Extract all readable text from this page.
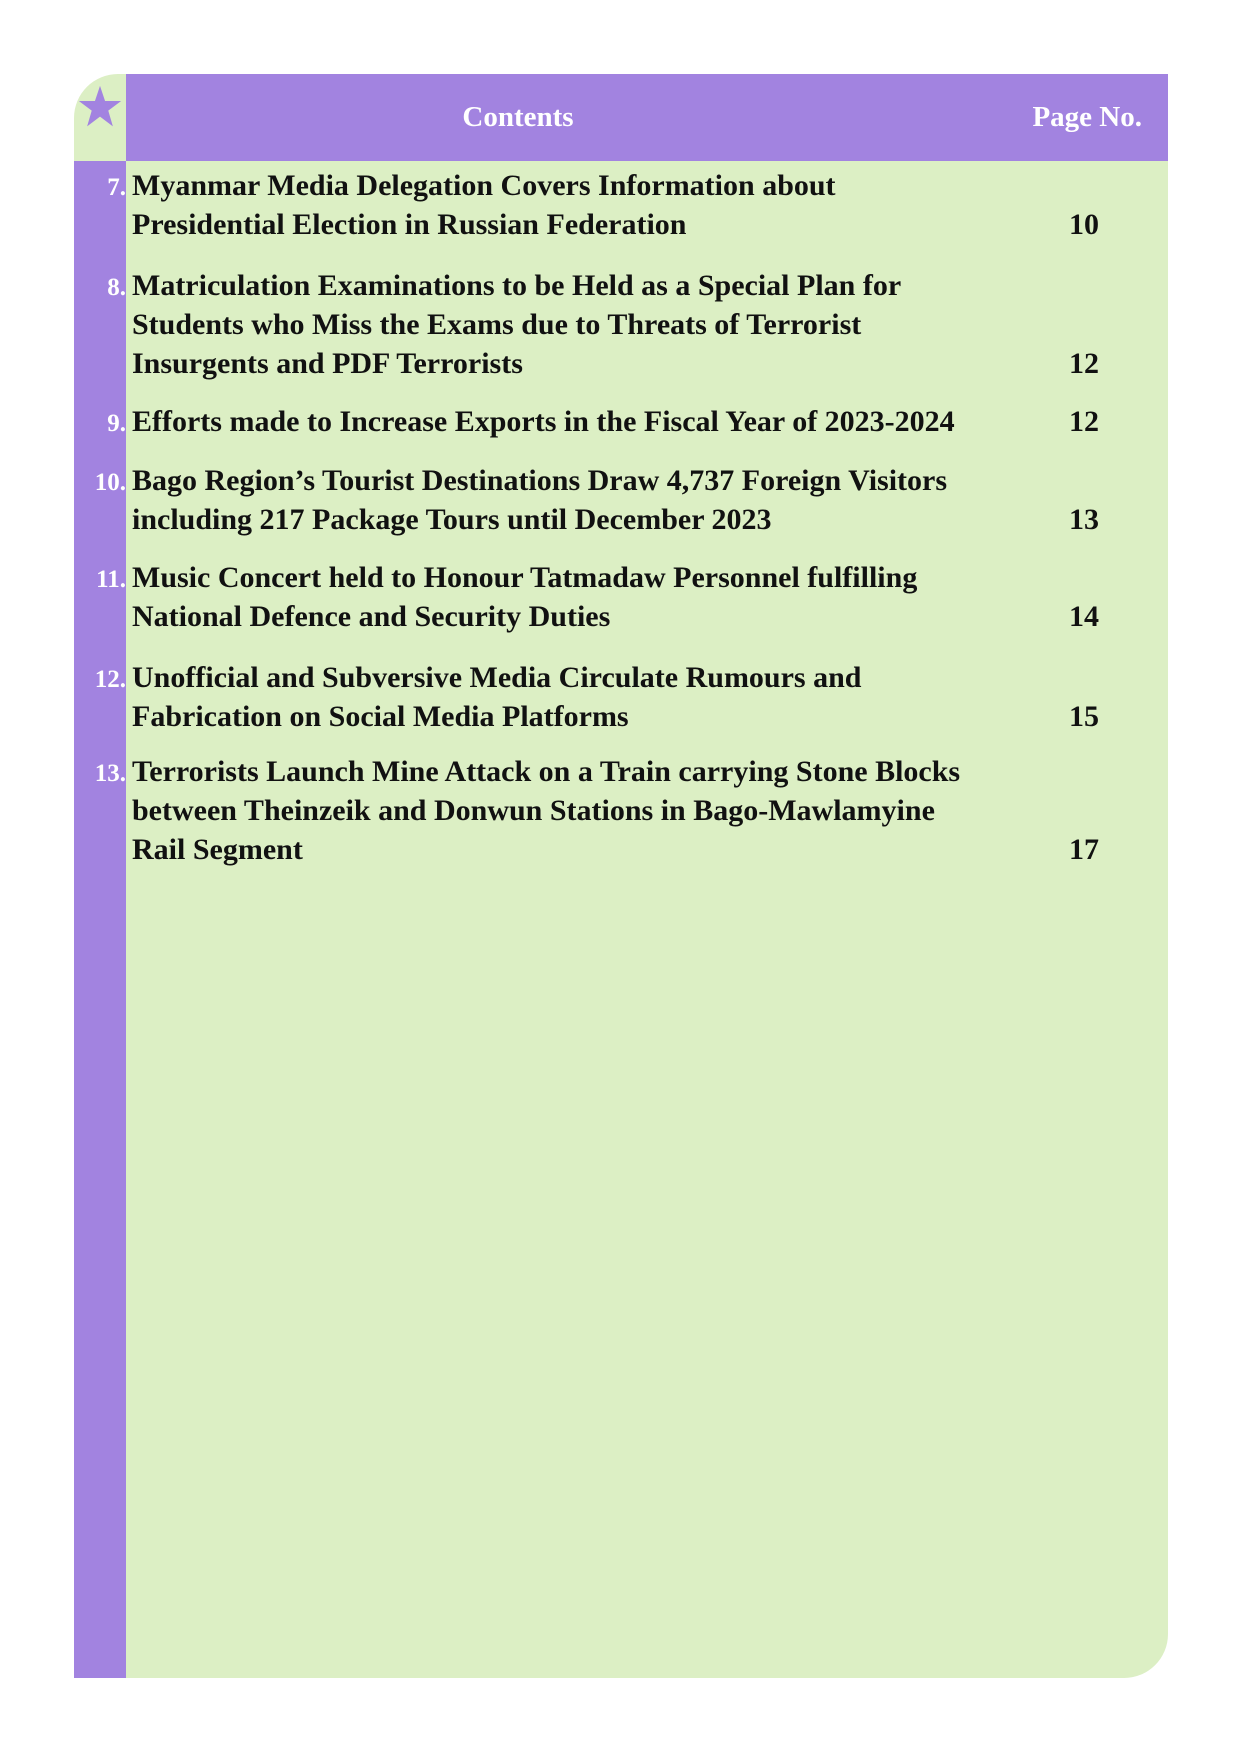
Contents	Page No.
7. Myanmar Media Delegation Covers Information about Presidential Election in Russian Federation	10
8. Matriculation Examinations to be Held as a Special Plan for Students who Miss the Exams due to Threats of Terrorist Insurgents and PDF Terrorists	12
9. Efforts made to Increase Exports in the Fiscal Year of 2023-2024	12
10. Bago Region’s Tourist Destinations Draw 4,737 Foreign Visitors including 217 Package Tours until December 2023	13
11. Music Concert held to Honour Tatmadaw Personnel fulfilling National Defence and Security Duties	14
12. Unofficial and Subversive Media Circulate Rumours and Fabrication on Social Media Platforms	15
13. Terrorists Launch Mine Attack on a Train carrying Stone Blocks between Theinzeik and Donwun Stations in Bago-Mawlamyine Rail Segment	17
